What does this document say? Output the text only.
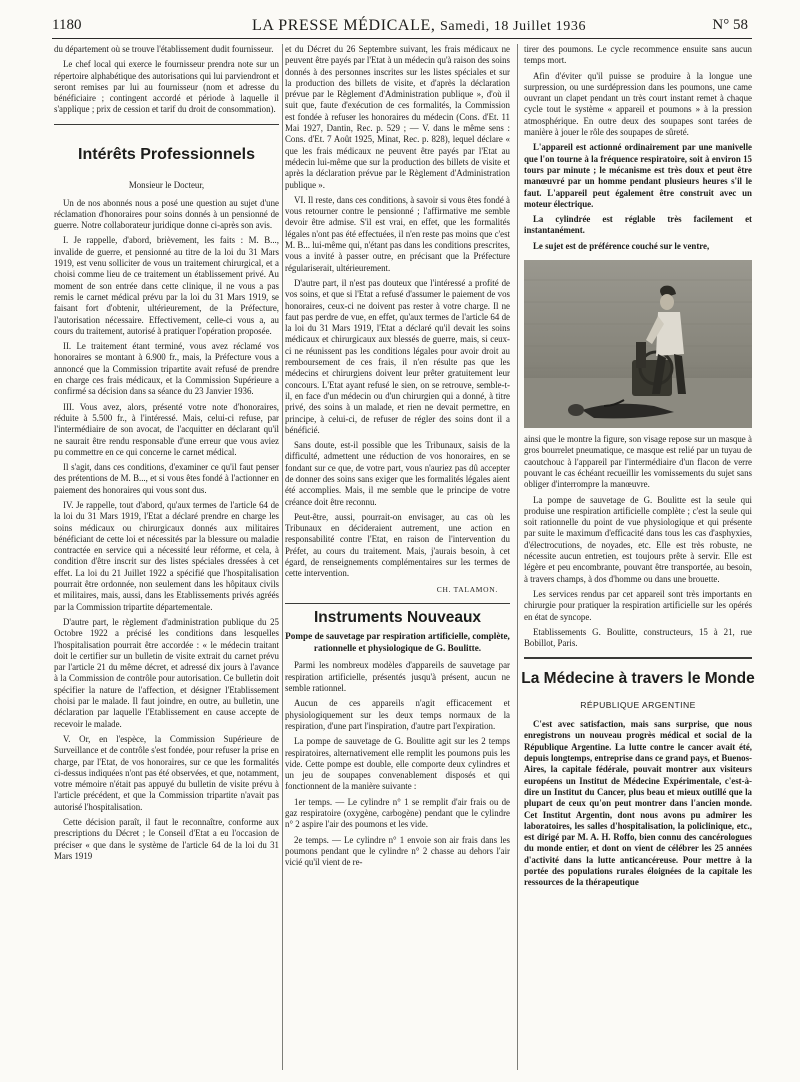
1180	LA PRESSE MÉDICALE, Samedi, 18 Juillet 1936	N° 58

du département où se trouve l'établissement dudit fournisseur.

Le chef local qui exerce le fournisseur prendra note sur un répertoire alphabétique des autorisations qui lui parviendront et seront remises par lui au fournisseur (nom et adresse du bénéficiaire ; contingent accordé et période à laquelle il s'applique ; prix de cession et tarif du droit de consommation).

Intérêts Professionnels
Monsieur le Docteur,

Un de nos abonnés nous a posé une question au sujet d'une réclamation d'honoraires pour soins donnés à un pensionné de guerre. Notre collaborateur juridique donne ci-après son avis.

I. Je rappelle, d'abord, brièvement, les faits : M. B..., invalide de guerre, et pensionné au titre de la loi du 31 Mars 1919, est venu solliciter de vous un traitement chirurgical, et a choisi comme lieu de ce traitement un établissement privé. Au moment de son entrée dans cette clinique, il ne vous a pas remis le carnet médical prévu par la loi du 31 Mars 1919, se faisant fort d'obtenir, ultérieurement, de la Préfecture, l'autorisation nécessaire. Effectivement, celle-ci vous a, au cours du traitement, autorisé à pratiquer l'opération proposée.

II. Le traitement étant terminé, vous avez réclamé vos honoraires se montant à 6.900 fr., mais, la Préfecture vous a annoncé que la Commission tripartite avait refusé de prendre en charge ces frais médicaux, et la Commission Supérieure a confirmé sa décision dans sa séance du 23 Janvier 1936.

III. Vous avez, alors, présenté votre note d'honoraires, réduite à 5.500 fr., à l'intéressé. Mais, celui-ci refuse, par l'intermédiaire de son avocat, de l'acquitter en déclarant qu'il ne saurait être rendu responsable d'une erreur que vous aviez pu commettre en ce qui concerne le carnet médical.

Il s'agit, dans ces conditions, d'examiner ce qu'il faut penser des prétentions de M. B..., et si vous êtes fondé à l'actionner en paiement des honoraires qui vous sont dus.

IV. Je rappelle, tout d'abord, qu'aux termes de l'article 64 de la loi du 31 Mars 1919, l'Etat a déclaré prendre en charge les soins médicaux ou chirurgicaux donnés aux militaires bénéficiant de cette loi et nécessités par la blessure ou maladie contractée en service qui a nécessité leur réforme, et cela, à condition d'être inscrit sur des listes spéciales dressées à cet effet. La loi du 21 Juillet 1922 a spécifié que l'hospitalisation pourrait être ordonnée, non seulement dans les hôpitaux civils et militaires, mais, aussi, dans les Etablissements privés agréés par la Commission tripartite départementale.

D'autre part, le règlement d'administration publique du 25 Octobre 1922 a précisé les conditions dans lesquelles l'hospitalisation pourrait être accordée : « le médecin traitant doit le certifier sur un bulletin de visite extrait du carnet prévu par l'article 21 du même décret, et adressé dix jours à l'avance à la Commission de contrôle pour autorisation. Ce bulletin doit spécifier la nature de l'affection, et désigner l'Etablissement choisi par le malade. Il faut joindre, en outre, au bulletin, une déclaration par laquelle l'Etablissement en cause accepte de recevoir le malade.

V. Or, en l'espèce, la Commission Supérieure de Surveillance et de contrôle s'est fondée, pour refuser la prise en charge, par l'Etat, de vos honoraires, sur ce que les formalités ci-dessus indiquées n'ont pas été observées, et que, notamment, votre mémoire n'était pas appuyé du bulletin de visite prévu à l'article précédent, et que la Commission tripartite n'avait pas autorisé l'hospitalisation.

Cette décision paraît, il faut le reconnaître, conforme aux prescriptions du Décret ; le Conseil d'Etat a eu l'occasion de préciser « que dans le système de l'article 64 de la loi du 31 Mars 1919

et du Décret du 26 Septembre suivant, les frais médicaux ne peuvent être payés par l'Etat à un médecin qu'à raison des soins donnés à des personnes inscrites sur les listes spéciales et sur la production des billets de visite, et d'après la déclaration prévue par le Règlement d'Administration publique », d'où il suit que, faute d'exécution de ces formalités, la Commission est fondée à refuser les honoraires du médecin (Cons. d'Et. 11 Mai 1927, Dantin, Rec. p. 529 ; — V. dans le même sens : Cons. d'Et. 7 Août 1925, Minat, Rec. p. 828), lequel déclare « que les frais médicaux ne peuvent être payés par l'Etat au médecin lui-même que sur la production des billets de visite et après la déclaration prévue par le Règlement d'Administration publique ».

VI. Il reste, dans ces conditions, à savoir si vous êtes fondé à vous retourner contre le pensionné ; l'affirmative me semble devoir être admise. S'il est vrai, en effet, que les formalités légales n'ont pas été effectuées, il n'en reste pas moins que c'est M. B... lui-même qui, n'étant pas dans les conditions prescrites, vous a invité à passer outre, en précisant que la Préfecture régulariserait, ultérieurement.

D'autre part, il n'est pas douteux que l'intéressé a profité de vos soins, et que si l'Etat a refusé d'assumer le paiement de vos honoraires, ceux-ci ne doivent pas rester à votre charge. Il ne faut pas perdre de vue, en effet, qu'aux termes de l'article 64 de la loi du 31 Mars 1919, l'Etat a déclaré qu'il devait les soins médicaux et chirurgicaux aux blessés de guerre, mais, si ceux-ci ne réunissent pas les conditions légales pour avoir droit au remboursement de ces frais, il n'en résulte pas que les médecins et chirurgiens doivent leur prêter gratuitement leur concours. L'Etat ayant refusé le sien, on se retrouve, semble-t-il, en face d'un médecin ou d'un chirurgien qui a donné, à titre privé, des soins à un malade, et rien ne devait permettre, en principe, à celui-ci, de refuser de régler des soins dont il a bénéficié.

Sans doute, est-il possible que les Tribunaux, saisis de la difficulté, admettent une réduction de vos honoraires, en se fondant sur ce que, de votre part, vous n'auriez pas dû accepter de donner des soins sans exiger que les formalités légales aient été accomplies. Mais, il me semble que le principe de votre créance doit être reconnu.

Peut-être, aussi, pourrait-on envisager, au cas où les Tribunaux en décideraient autrement, une action en responsabilité contre l'Etat, en raison de l'intervention du Préfet, au cours du traitement. Mais, j'aurais besoin, à cet égard, de renseignements complémentaires sur les termes de cette intervention.

CH. TALAMON.
Instruments Nouveaux
Pompe de sauvetage par respiration artificielle, complète, rationnelle et physiologique de G. Boulitte.

Parmi les nombreux modèles d'appareils de sauvetage par respiration artificielle, présentés jusqu'à présent, aucun ne semble rationnel.

Aucun de ces appareils n'agit efficacement et physiologiquement sur les deux temps normaux de la respiration, d'une part l'inspiration, d'autre part l'expiration.

La pompe de sauvetage de G. Boulitte agit sur les 2 temps respiratoires, alternativement elle remplit les poumons puis les vide. Cette pompe est double, elle comporte deux cylindres et un jeu de soupapes convenablement disposés et qui fonctionnent de la manière suivante :

1er temps. — Le cylindre n° 1 se remplit d'air frais ou de gaz respiratoire (oxygène, carbogène) pendant que le cylindre n° 2 aspire l'air des poumons et les vide.

2e temps. — Le cylindre n° 1 envoie son air frais dans les poumons pendant que le cylindre n° 2 chasse au dehors l'air vicié qu'il vient de re-

tirer des poumons. Le cycle recommence ensuite sans aucun temps mort.

Afin d'éviter qu'il puisse se produire à la longue une surpression, ou une surdépression dans les poumons, une came ouvrant un clapet pendant un très court instant remet à chaque cycle tout le système « appareil et poumons » à la pression atmosphérique. En outre deux des soupapes sont tarées de manière à jouer le rôle des soupapes de sûreté.

L'appareil est actionné ordinairement par une manivelle que l'on tourne à la fréquence respiratoire, soit à environ 15 tours par minute ; le mécanisme est très doux et peut être manœuvré par un homme pendant plusieurs heures s'il le faut. L'appareil peut également être construit avec un moteur électrique.

La cylindrée est réglable très facilement et instantanément.

Le sujet est de préférence couché sur le ventre,

ainsi que le montre la figure, son visage repose sur un masque à gros bourrelet pneumatique, ce masque est relié par un tuyau de caoutchouc à l'appareil par l'intermédiaire d'un flacon de verre pouvant le cas échéant recueillir les vomissements du sujet sans obliger d'interrompre la manœuvre.

La pompe de sauvetage de G. Boulitte est la seule qui produise une respiration artificielle complète ; c'est la seule qui soit rationnelle du point de vue physiologique et qui présente par suite le maximum d'efficacité dans tous les cas d'asphyxies, d'électrocutions, de noyades, etc. Elle est très robuste, ne nécessite aucun entretien, est toujours prête à servir. Elle est légère et peu encombrante, pouvant être transportée, au besoin, à travers champs, à dos d'homme ou dans une brouette.

Les services rendus par cet appareil sont très importants en chirurgie pour pratiquer la respiration artificielle sur les opérés en état de syncope.

Etablissements G. Boulitte, constructeurs, 15 à 21, rue Bobillot, Paris.

La Médecine à travers le Monde
RÉPUBLIQUE ARGENTINE

C'est avec satisfaction, mais sans surprise, que nous enregistrons un nouveau progrès médical et social de la République Argentine. La lutte contre le cancer avait été, depuis longtemps, entreprise dans ce grand pays, et Buenos-Aires, la capitale fédérale, pouvait montrer aux visiteurs européens un Institut de Médecine Expérimentale, c'est-à-dire un Institut du Cancer, plus beau et mieux outillé que la plupart de ceux qu'on peut montrer dans l'ancien monde. Cet Institut Argentin, dont nous avons pu admirer les laboratoires, les salles d'hospitalisation, la policlinique, etc., est dirigé par M. A. H. Roffo, bien connu des cancérologues du monde entier, et dont on vient de célébrer les 25 années d'activité dans la lutte anticancéreuse. Pour mettre à la portée des populations rurales éloignées de la capitale les ressources de la thérapeutique
